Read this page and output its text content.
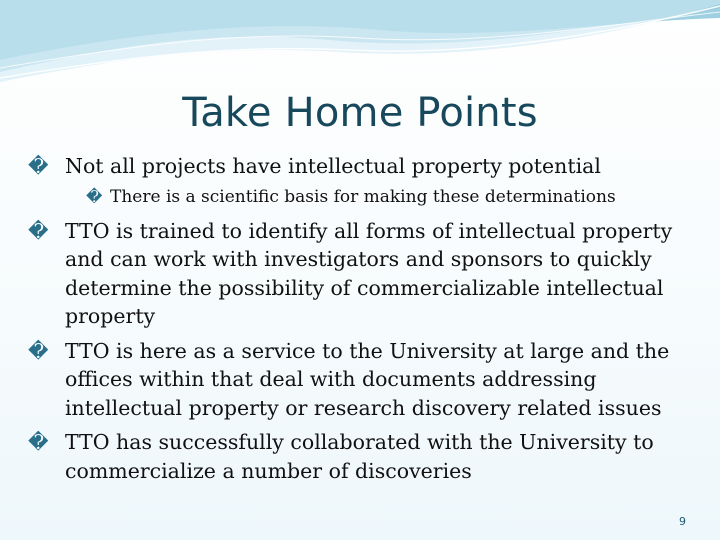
Take Home Points
� Not all projects have intellectual property potential
� There is a scientific basis for making these determinations
� TTO is trained to identify all forms of intellectual property and can work with investigators and sponsors to quickly determine the possibility of commercializable intellectual property
� TTO is here as a service to the University at large and the offices within that deal with documents addressing intellectual property or research discovery related issues
� TTO has successfully collaborated with the University to commercialize a number of discoveries
9
